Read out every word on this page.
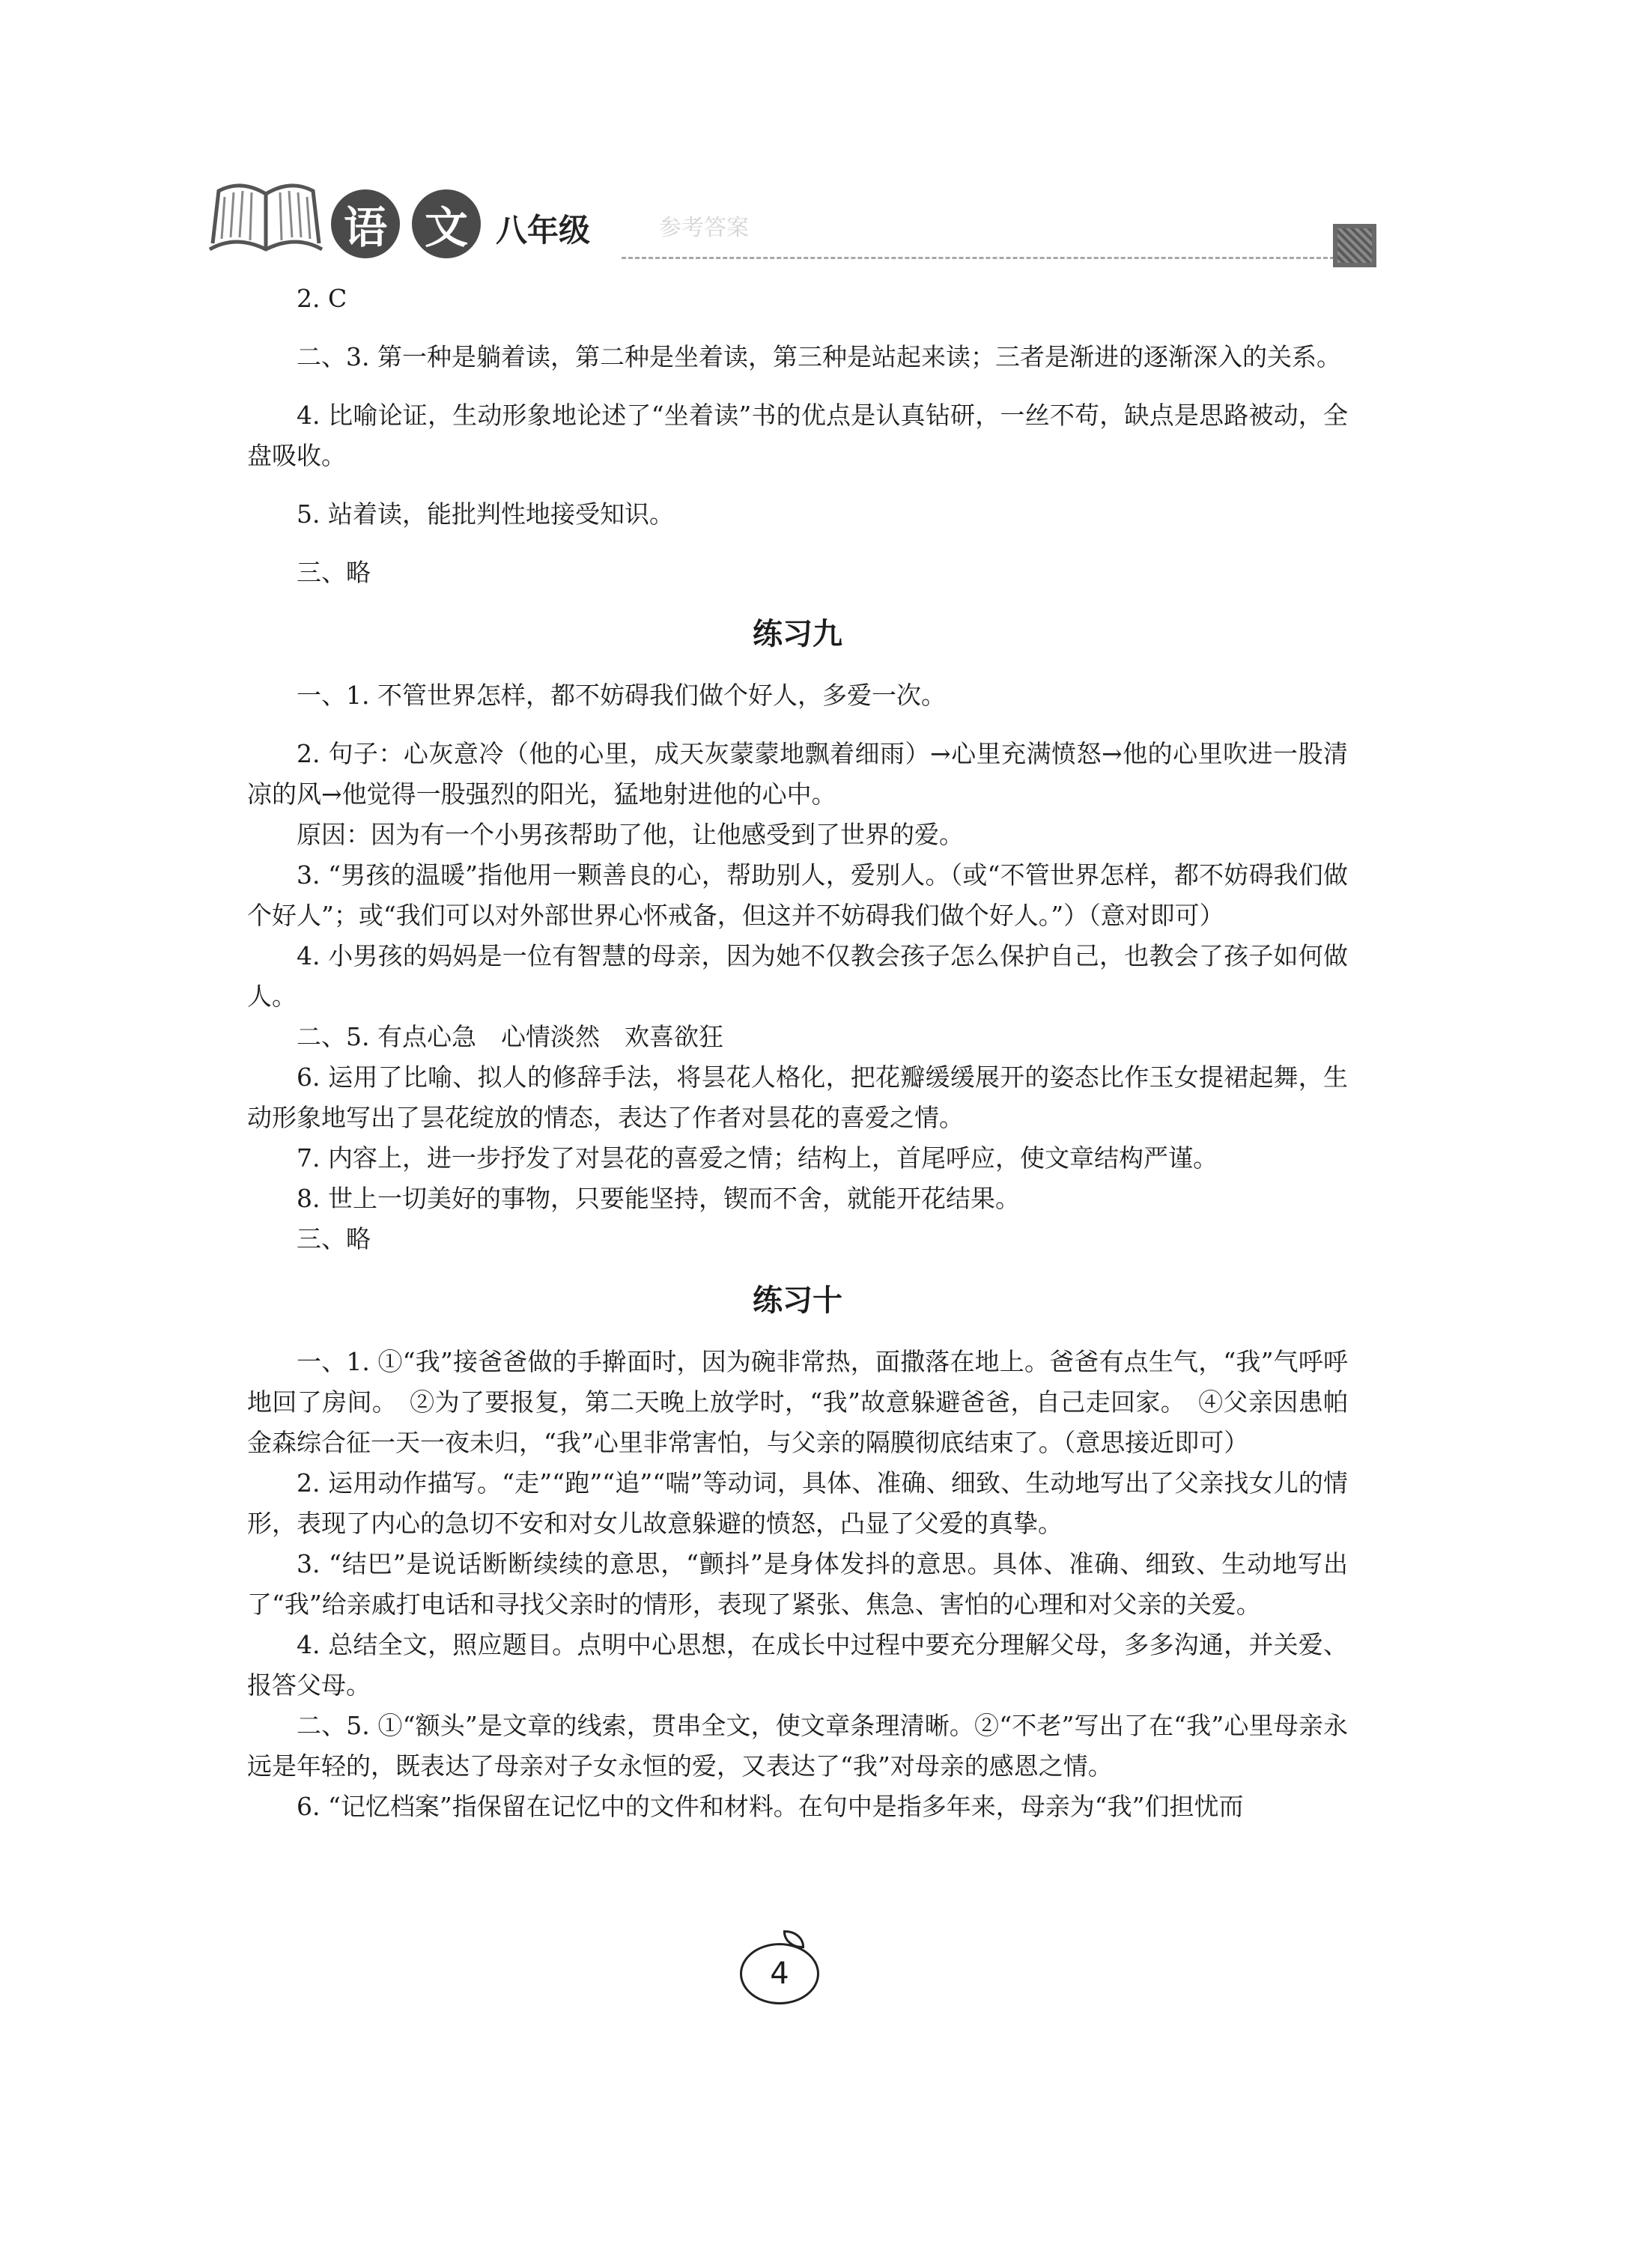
语 文 八年级	参考答案

2. C

二、3. 第一种是躺着读，第二种是坐着读，第三种是站起来读；三者是渐进的逐渐深入的关系。

4. 比喻论证，生动形象地论述了“坐着读”书的优点是认真钻研，一丝不苟，缺点是思路被动，全盘吸收。

5. 站着读，能批判性地接受知识。

三、略

练习九

一、1. 不管世界怎样，都不妨碍我们做个好人，多爱一次。

2. 句子：心灰意冷（他的心里，成天灰蒙蒙地飘着细雨）→心里充满愤怒→他的心里吹进一股清凉的风→他觉得一股强烈的阳光，猛地射进他的心中。

原因：因为有一个小男孩帮助了他，让他感受到了世界的爱。

3. “男孩的温暖”指他用一颗善良的心，帮助别人，爱别人。（或“不管世界怎样，都不妨碍我们做个好人”；或“我们可以对外部世界心怀戒备，但这并不妨碍我们做个好人。”）（意对即可）

4. 小男孩的妈妈是一位有智慧的母亲，因为她不仅教会孩子怎么保护自己，也教会了孩子如何做人。

二、5. 有点心急　心情淡然　欢喜欲狂

6. 运用了比喻、拟人的修辞手法，将昙花人格化，把花瓣缓缓展开的姿态比作玉女提裙起舞，生动形象地写出了昙花绽放的情态，表达了作者对昙花的喜爱之情。

7. 内容上，进一步抒发了对昙花的喜爱之情；结构上，首尾呼应，使文章结构严谨。

8. 世上一切美好的事物，只要能坚持，锲而不舍，就能开花结果。

三、略

练习十

一、1. ①“我”接爸爸做的手擀面时，因为碗非常热，面撒落在地上。爸爸有点生气，“我”气呼呼地回了房间。　②为了要报复，第二天晚上放学时，“我”故意躲避爸爸，自己走回家。　④父亲因患帕金森综合征一天一夜未归，“我”心里非常害怕，与父亲的隔膜彻底结束了。（意思接近即可）

2. 运用动作描写。“走”“跑”“追”“喘”等动词，具体、准确、细致、生动地写出了父亲找女儿的情形，表现了内心的急切不安和对女儿故意躲避的愤怒，凸显了父爱的真挚。

3. “结巴”是说话断断续续的意思，“颤抖”是身体发抖的意思。具体、准确、细致、生动地写出了“我”给亲戚打电话和寻找父亲时的情形，表现了紧张、焦急、害怕的心理和对父亲的关爱。

4. 总结全文，照应题目。点明中心思想，在成长中过程中要充分理解父母，多多沟通，并关爱、报答父母。

二、5. ①“额头”是文章的线索，贯串全文，使文章条理清晰。②“不老”写出了在“我”心里母亲永远是年轻的，既表达了母亲对子女永恒的爱，又表达了“我”对母亲的感恩之情。

6. “记忆档案”指保留在记忆中的文件和材料。在句中是指多年来，母亲为“我”们担忧而

4
